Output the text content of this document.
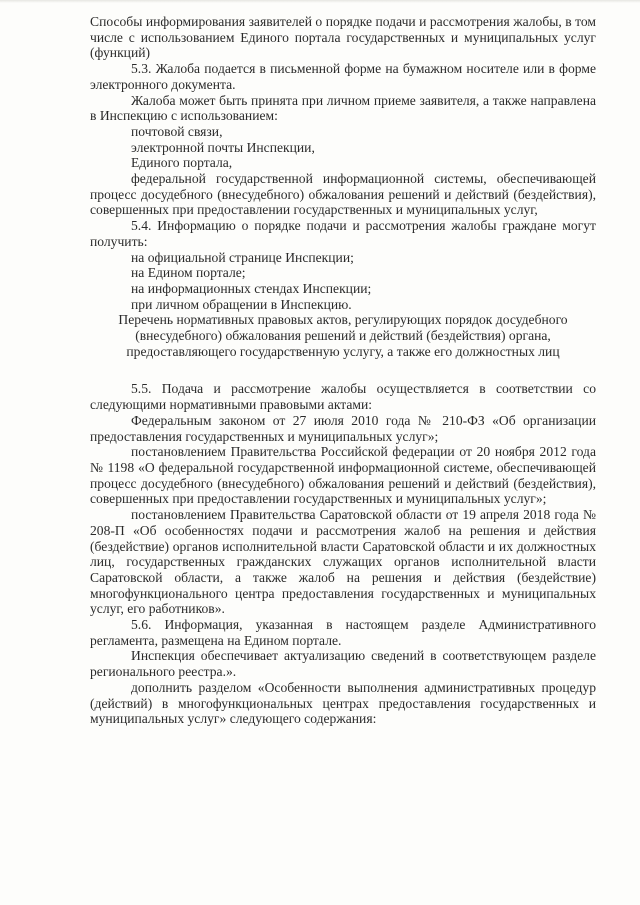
Способы информирования заявителей о порядке подачи и рассмотрения жалобы, в том числе с использованием Единого портала государственных и муниципальных услуг (функций)

5.3. Жалоба подается в письменной форме на бумажном носителе или в форме электронного документа.

Жалоба может быть принята при личном приеме заявителя, а также направлена в Инспекцию с использованием:

почтовой связи,

электронной почты Инспекции,

Единого портала,

федеральной государственной информационной системы, обеспечивающей процесс досудебного (внесудебного) обжалования решений и действий (бездействия), совершенных при предоставлении государственных и муниципальных услуг,

5.4. Информацию о порядке подачи и рассмотрения жалобы граждане могут получить:

на официальной странице Инспекции;

на Едином портале;

на информационных стендах Инспекции;

при личном обращении в Инспекцию.

Перечень нормативных правовых актов, регулирующих порядок досудебного (внесудебного) обжалования решений и действий (бездействия) органа, предоставляющего государственную услугу, а также его должностных лиц

5.5. Подача и рассмотрение жалобы осуществляется в соответствии со следующими нормативными правовыми актами:

Федеральным законом от 27 июля 2010 года № 210-ФЗ «Об организации предоставления государственных и муниципальных услуг»;

постановлением Правительства Российской федерации от 20 ноября 2012 года № 1198 «О федеральной государственной информационной системе, обеспечивающей процесс досудебного (внесудебного) обжалования решений и действий (бездействия), совершенных при предоставлении государственных и муниципальных услуг»;

постановлением Правительства Саратовской области от 19 апреля 2018 года № 208-П «Об особенностях подачи и рассмотрения жалоб на решения и действия (бездействие) органов исполнительной власти Саратовской области и их должностных лиц, государственных гражданских служащих органов исполнительной власти Саратовской области, а также жалоб на решения и действия (бездействие) многофункционального центра предоставления государственных и муниципальных услуг, его работников».

5.6. Информация, указанная в настоящем разделе Административного регламента, размещена на Едином портале.

Инспекция обеспечивает актуализацию сведений в соответствующем разделе регионального реестра.».

дополнить разделом «Особенности выполнения административных процедур (действий) в многофункциональных центрах предоставления государственных и муниципальных услуг» следующего содержания:
